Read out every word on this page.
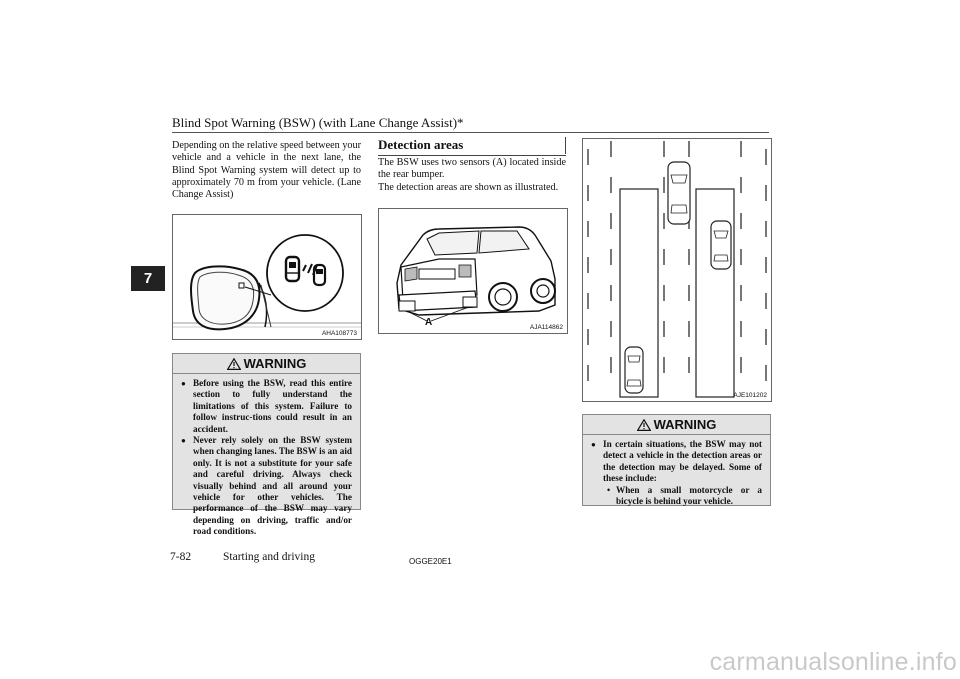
Blind Spot Warning (BSW) (with Lane Change Assist)*
7
Depending on the relative speed between your vehicle and a vehicle in the next lane, the Blind Spot Warning system will detect up to approximately 70 m from your vehicle. (Lane Change Assist)
AHA108773
WARNING
● Before using the BSW, read this entire section to fully understand the limitations of this system. Failure to follow instruc-tions could result in an accident.
● Never rely solely on the BSW system when changing lanes. The BSW is an aid only. It is not a substitute for your safe and careful driving. Always check visually behind and all around your vehicle for other vehicles. The performance of the BSW may vary depending on driving, traffic and/or road conditions.
Detection areas
The BSW uses two sensors (A) located inside the rear bumper.
The detection areas are shown as illustrated.
A	AJA114862
AJE101202
WARNING
● In certain situations, the BSW may not detect a vehicle in the detection areas or the detection may be delayed. Some of these include:
• When a small motorcycle or a bicycle is behind your vehicle.
7-82	Starting and driving	OGGE20E1
carmanualsonline.info
